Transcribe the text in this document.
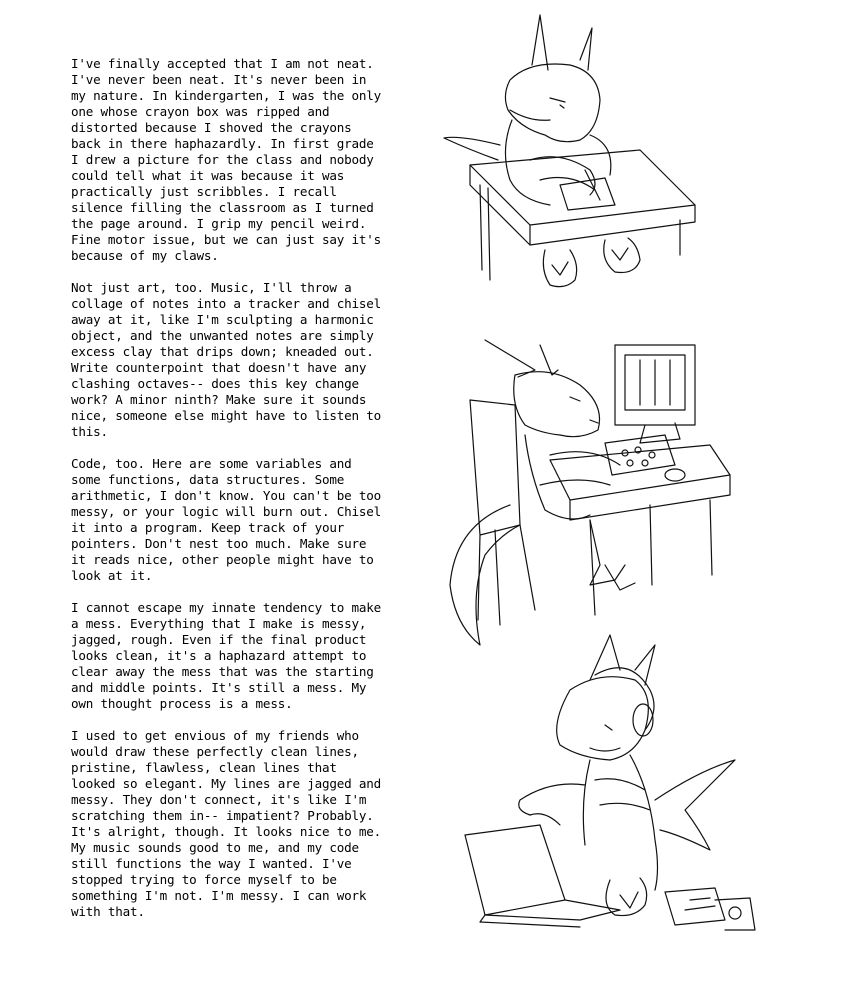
I've finally accepted that I am not neat.
I've never been neat. It's never been in
my nature. In kindergarten, I was the only
one whose crayon box was ripped and
distorted because I shoved the crayons
back in there haphazardly. In first grade
I drew a picture for the class and nobody
could tell what it was because it was
practically just scribbles. I recall
silence filling the classroom as I turned
the page around. I grip my pencil weird.
Fine motor issue, but we can just say it's
because of my claws.

Not just art, too. Music, I'll throw a
collage of notes into a tracker and chisel
away at it, like I'm sculpting a harmonic
object, and the unwanted notes are simply
excess clay that drips down; kneaded out.
Write counterpoint that doesn't have any
clashing octaves-- does this key change
work? A minor ninth? Make sure it sounds
nice, someone else might have to listen to
this.

Code, too. Here are some variables and
some functions, data structures. Some
arithmetic, I don't know. You can't be too
messy, or your logic will burn out. Chisel
it into a program. Keep track of your
pointers. Don't nest too much. Make sure
it reads nice, other people might have to
look at it.

I cannot escape my innate tendency to make
a mess. Everything that I make is messy,
jagged, rough. Even if the final product
looks clean, it's a haphazard attempt to
clear away the mess that was the starting
and middle points. It's still a mess. My
own thought process is a mess.

I used to get envious of my friends who
would draw these perfectly clean lines,
pristine, flawless, clean lines that
looked so elegant. My lines are jagged and
messy. They don't connect, it's like I'm
scratching them in-- impatient? Probably.
It's alright, though. It looks nice to me.
My music sounds good to me, and my code
still functions the way I wanted. I've
stopped trying to force myself to be
something I'm not. I'm messy. I can work
with that.
